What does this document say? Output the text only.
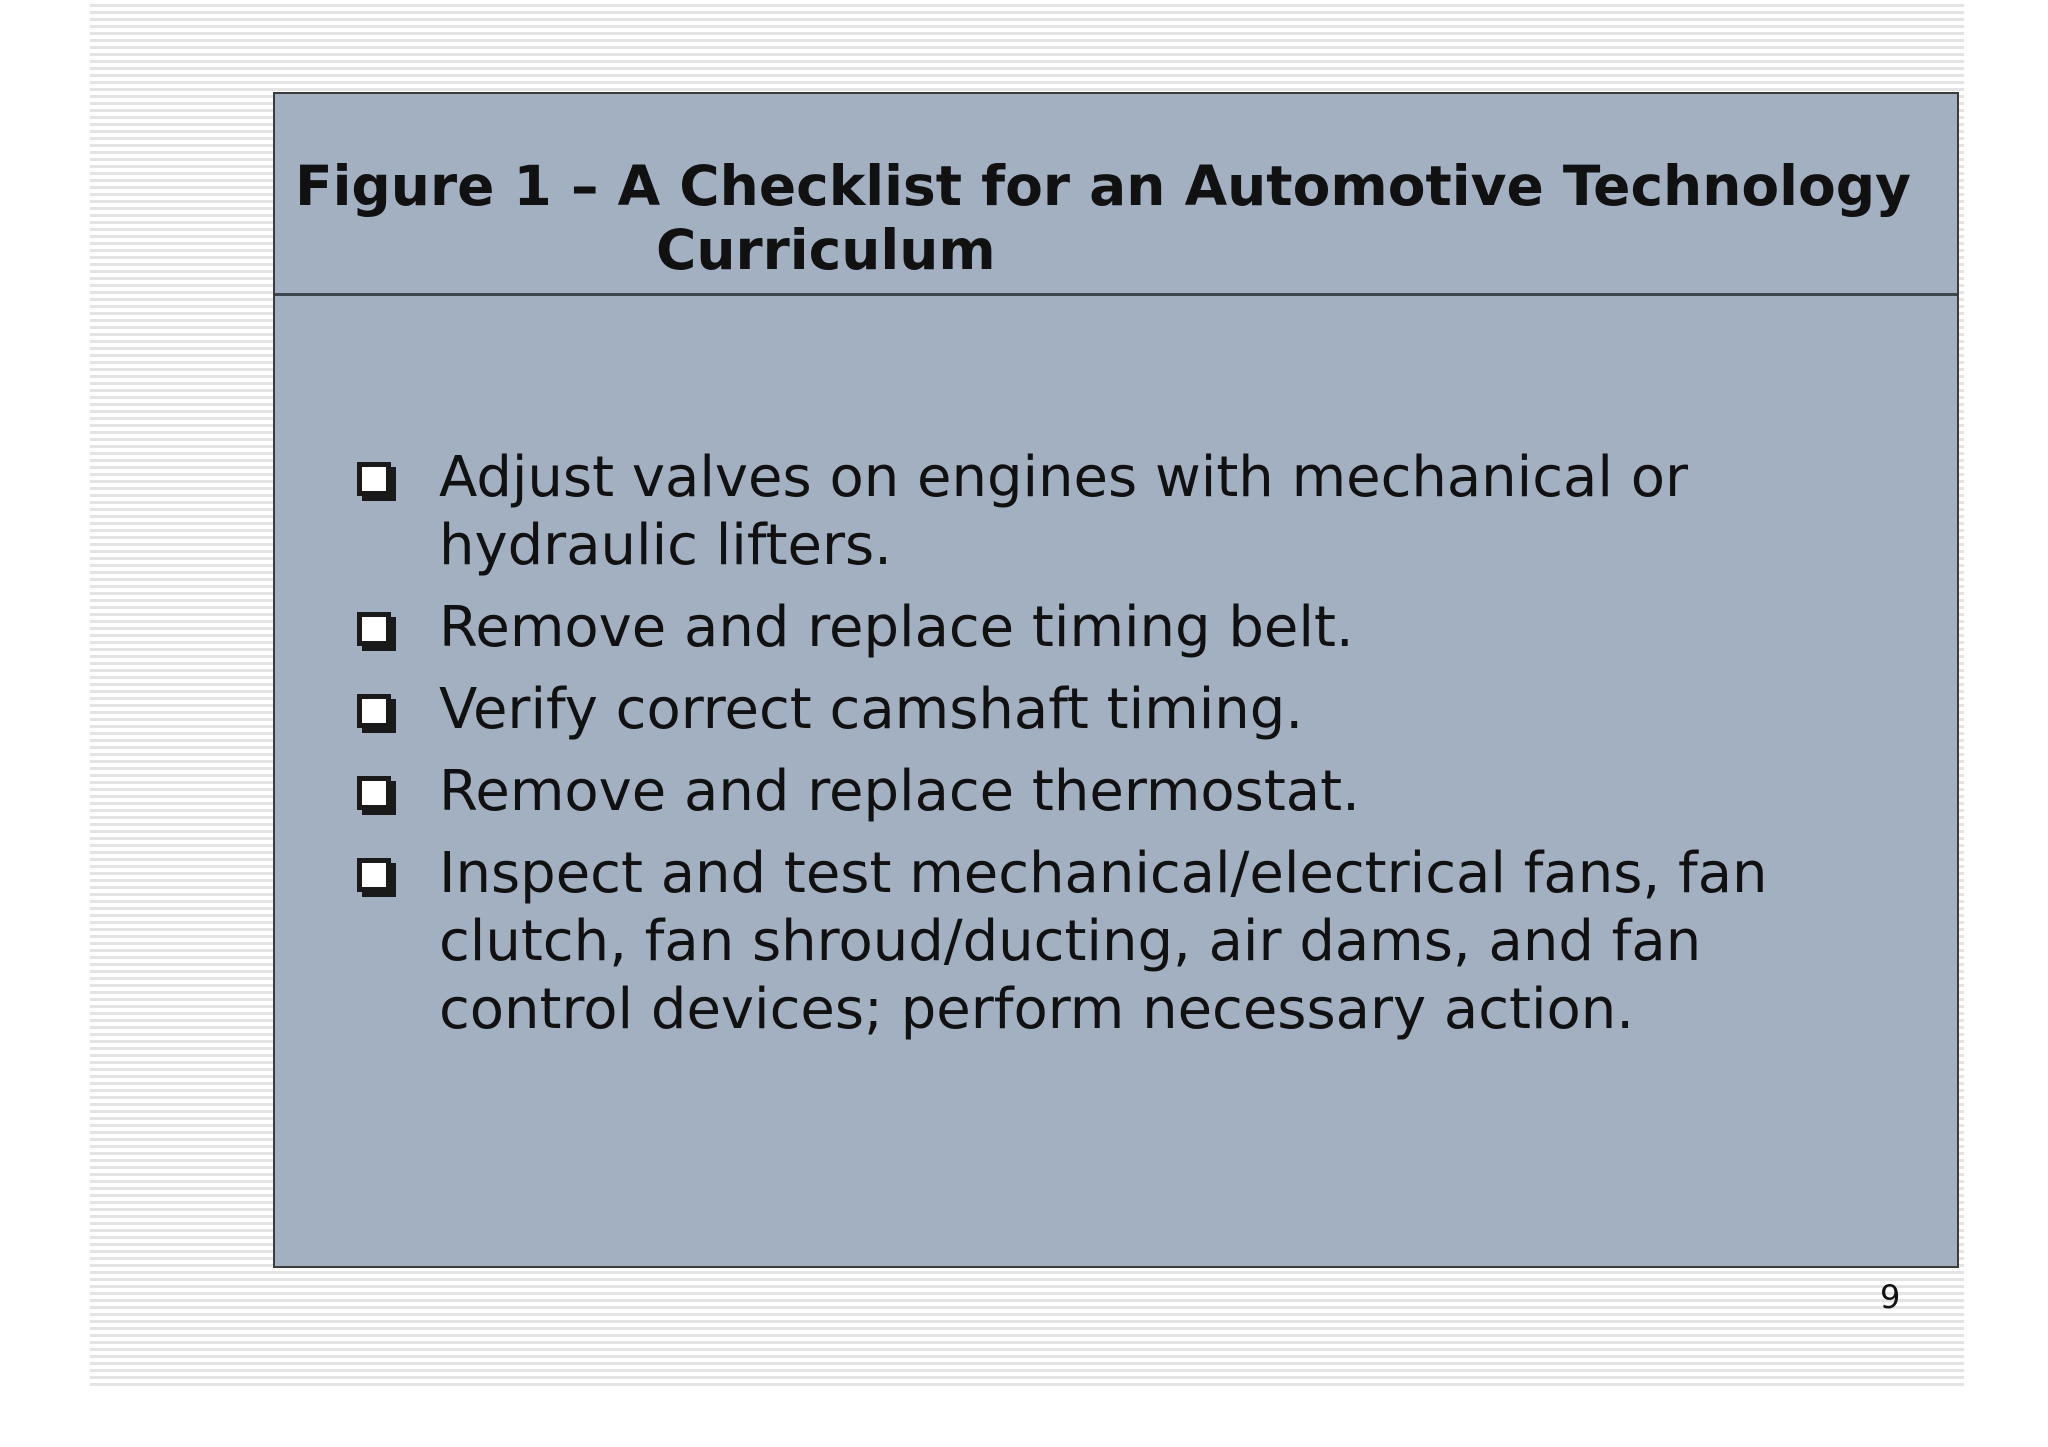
Figure 1 – A Checklist for an Automotive Technology
Curriculum
Adjust valves on engines with mechanical or hydraulic lifters.
Remove and replace timing belt.
Verify correct camshaft timing.
Remove and replace thermostat.
Inspect and test mechanical/electrical fans, fan clutch, fan shroud/ducting, air dams, and fan control devices; perform necessary action.
9
